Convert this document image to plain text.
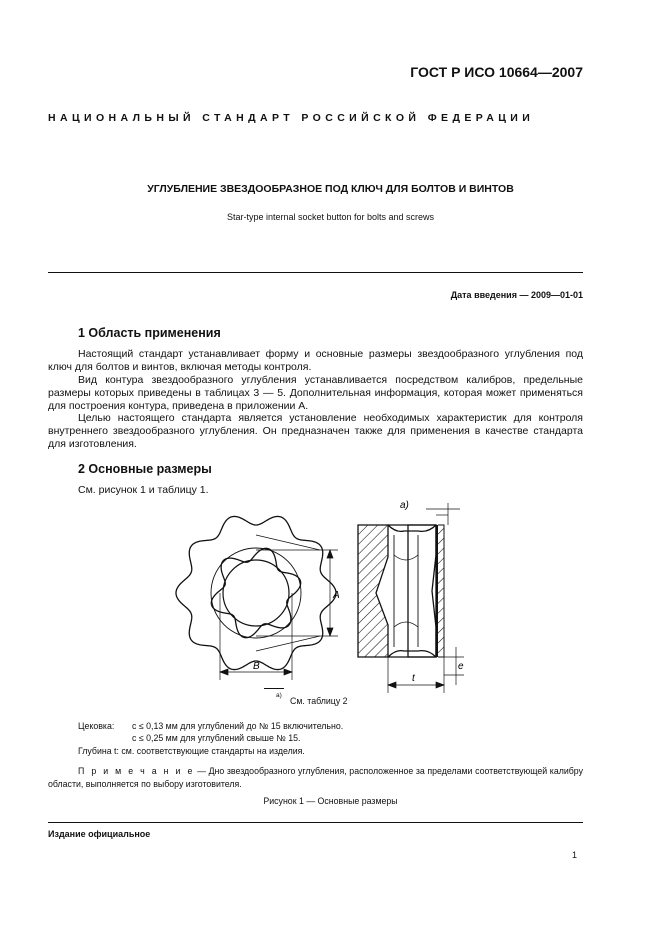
ГОСТ Р ИСО 10664—2007
НАЦИОНАЛЬНЫЙ СТАНДАРТ РОССИЙСКОЙ ФЕДЕРАЦИИ
УГЛУБЛЕНИЕ ЗВЕЗДООБРАЗНОЕ ПОД КЛЮЧ ДЛЯ БОЛТОВ И ВИНТОВ
Star-type internal socket button for bolts and screws
Дата введения — 2009—01-01
1 Область применения
Настоящий стандарт устанавливает форму и основные размеры звездообразного углубления под ключ для болтов и винтов, включая методы контроля.
Вид контура звездообразного углубления устанавливается посредством калибров, предельные размеры которых приведены в таблицах 3 — 5. Дополнительная информация, которая может применяться для построения контура, приведена в приложении А.
Целью настоящего стандарта является установление необходимых характеристик для контроля внутреннего звездообразного углубления. Он предназначен также для применения в качестве стандарта для изготовления.
2 Основные размеры
См. рисунок 1 и таблицу 1.
A
B
t
e
a)
a)
См. таблицу 2
Цековка: c ≤ 0,13 мм для углублений до № 15 включительно.
c ≤ 0,25 мм для углублений свыше № 15.
Глубина t: см. соответствующие стандарты на изделия.
П р и м е ч а н и е — Дно звездообразного углубления, расположенное за пределами соответствующей калибру области, выполняется по выбору изготовителя.
Рисунок 1 — Основные размеры
Издание официальное
1
